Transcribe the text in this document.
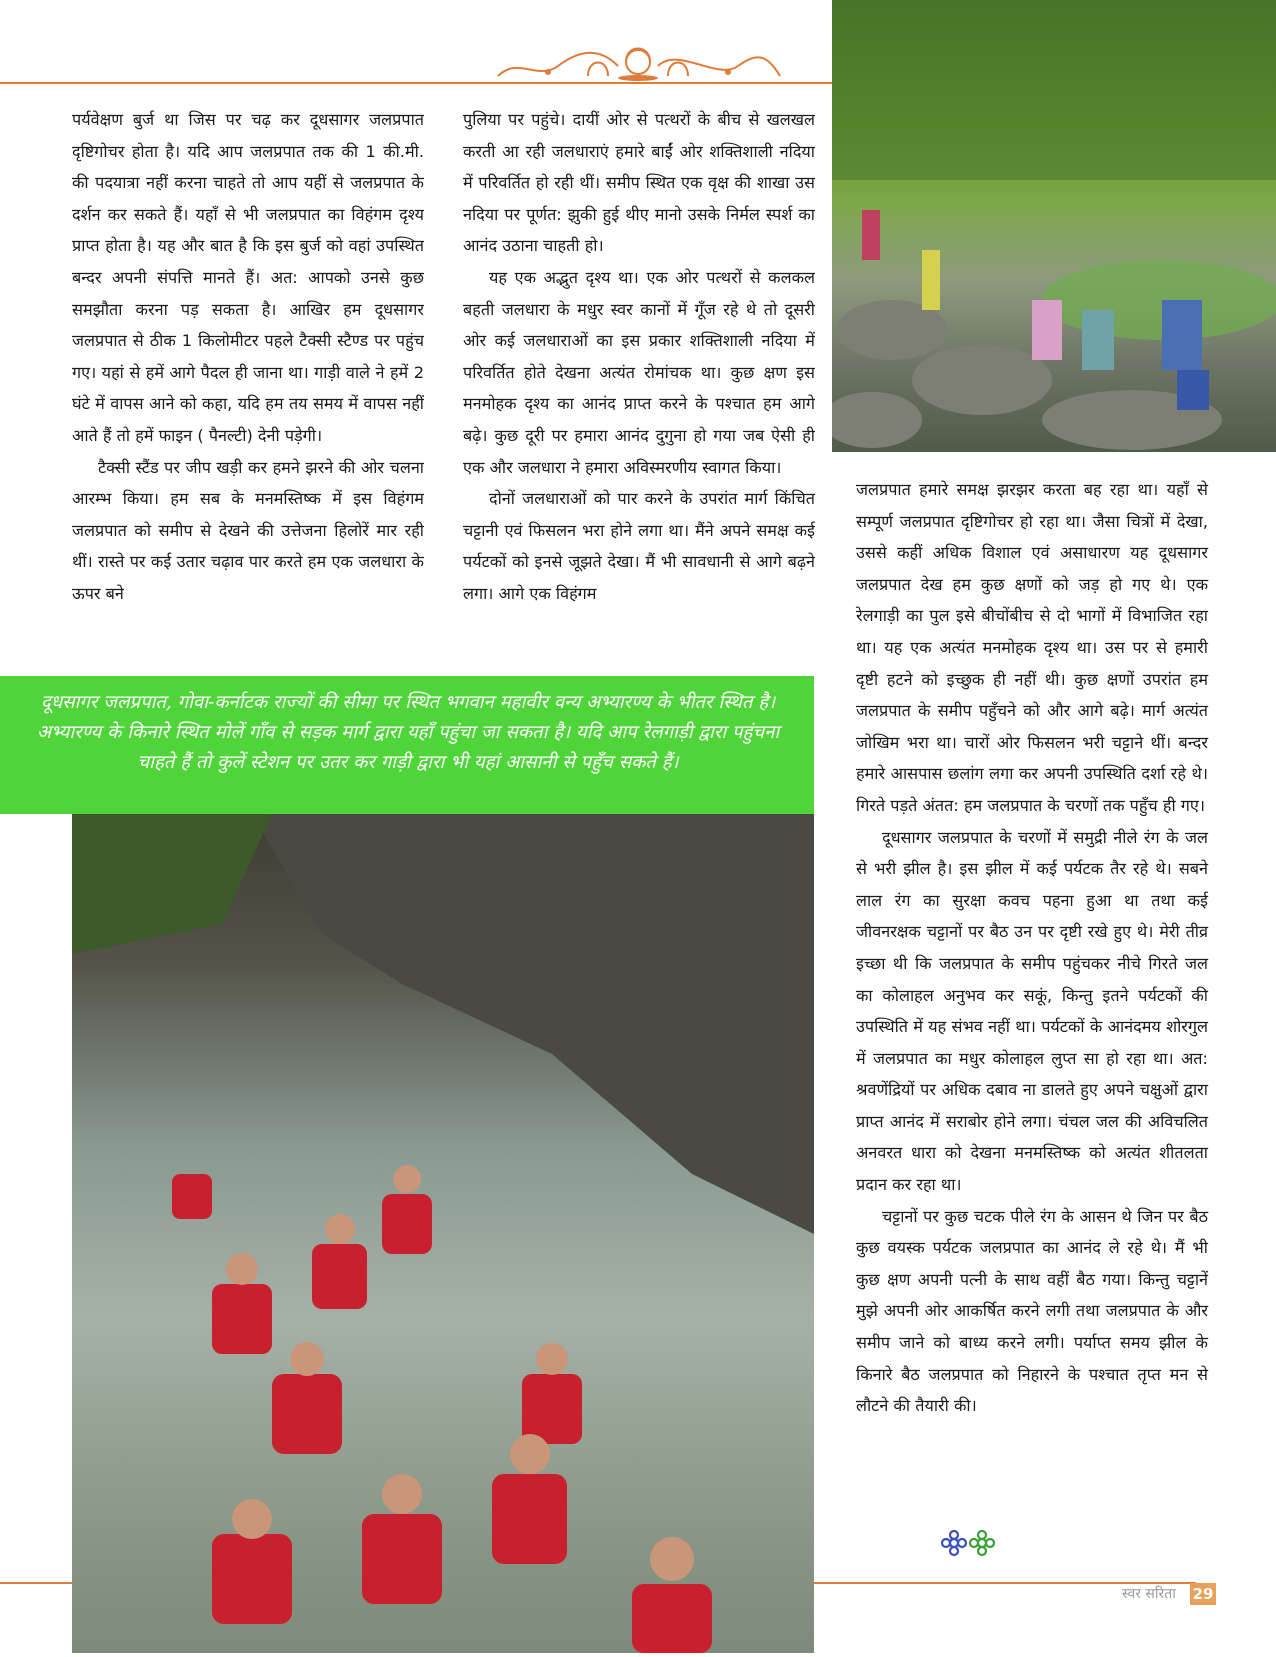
पर्यवेक्षण बुर्ज था जिस पर चढ़ कर दूधसागर जलप्रपात दृष्टिगोचर होता है। यदि आप जलप्रपात तक की 1 की.मी. की पदयात्रा नहीं करना चाहते तो आप यहीं से जलप्रपात के दर्शन कर सकते हैं। यहाँ से भी जलप्रपात का विहंगम दृश्य प्राप्त होता है। यह और बात है कि इस बुर्ज को वहां उपस्थित बन्दर अपनी संपत्ति मानते हैं। अत: आपको उनसे कुछ समझौता करना पड़ सकता है। आखिर हम दूधसागर जलप्रपात से ठीक 1 किलोमीटर पहले टैक्सी स्टैण्ड पर पहुंच गए। यहां से हमें आगे पैदल ही जाना था। गाड़ी वाले ने हमें 2 घंटे में वापस आने को कहा, यदि हम तय समय में वापस नहीं आते हैं तो हमें फाइन ( पैनल्टी) देनी पड़ेगी।

टैक्सी स्टैंड पर जीप खड़ी कर हमने झरने की ओर चलना आरम्भ किया। हम सब के मनमस्तिष्क में इस विहंगम जलप्रपात को समीप से देखने की उत्तेजना हिलोरें मार रही थीं। रास्ते पर कई उतार चढ़ाव पार करते हम एक जलधारा के ऊपर बने

पुलिया पर पहुंचे। दायीं ओर से पत्थरों के बीच से खलखल करती आ रही जलधाराएं हमारे बाईं ओर शक्तिशाली नदिया में परिवर्तित हो रही थीं। समीप स्थित एक वृक्ष की शाखा उस नदिया पर पूर्णत: झुकी हुई थीए मानो उसके निर्मल स्पर्श का आनंद उठाना चाहती हो।

यह एक अद्भुत दृश्य था। एक ओर पत्थरों से कलकल बहती जलधारा के मधुर स्वर कानों में गूँज रहे थे तो दूसरी ओर कई जलधाराओं का इस प्रकार शक्तिशाली नदिया में परिवर्तित होते देखना अत्यंत रोमांचक था। कुछ क्षण इस मनमोहक दृश्य का आनंद प्राप्त करने के पश्चात हम आगे बढ़े। कुछ दूरी पर हमारा आनंद दुगुना हो गया जब ऐसी ही एक और जलधारा ने हमारा अविस्मरणीय स्वागत किया।

दोनों जलधाराओं को पार करने के उपरांत मार्ग किंचित चट्टानी एवं फिसलन भरा होने लगा था। मैंने अपने समक्ष कई पर्यटकों को इनसे जूझते देखा। मैं भी सावधानी से आगे बढ़ने लगा। आगे एक विहंगम

दूधसागर जलप्रपात, गोवा-कर्नाटक राज्यों की सीमा पर स्थित भगवान महावीर वन्य अभ्यारण्य के भीतर स्थित है। अभ्यारण्य के किनारे स्थित मोलें गाँव से सड़क मार्ग द्वारा यहाँ पहुंचा जा सकता है। यदि आप रेलगाड़ी द्वारा पहुंचना चाहते हैं तो कुलें स्टेशन पर उतर कर गाड़ी द्वारा भी यहां आसानी से पहुँच सकते हैं।

जलप्रपात हमारे समक्ष झरझर करता बह रहा था। यहाँ से सम्पूर्ण जलप्रपात दृष्टिगोचर हो रहा था। जैसा चित्रों में देखा, उससे कहीं अधिक विशाल एवं असाधारण यह दूधसागर जलप्रपात देख हम कुछ क्षणों को जड़ हो गए थे। एक रेलगाड़ी का पुल इसे बीचोंबीच से दो भागों में विभाजित रहा था। यह एक अत्यंत मनमोहक दृश्य था। उस पर से हमारी दृष्टी हटने को इच्छुक ही नहीं थी। कुछ क्षणों उपरांत हम जलप्रपात के समीप पहुँचने को और आगे बढ़े। मार्ग अत्यंत जोखिम भरा था। चारों ओर फिसलन भरी चट्टाने थीं। बन्दर हमारे आसपास छलांग लगा कर अपनी उपस्थिति दर्शा रहे थे। गिरते पड़ते अंतत: हम जलप्रपात के चरणों तक पहुँच ही गए।

दूधसागर जलप्रपात के चरणों में समुद्री नीले रंग के जल से भरी झील है। इस झील में कई पर्यटक तैर रहे थे। सबने लाल रंग का सुरक्षा कवच पहना हुआ था तथा कई जीवनरक्षक चट्टानों पर बैठ उन पर दृष्टी रखे हुए थे। मेरी तीव्र इच्छा थी कि जलप्रपात के समीप पहुंचकर नीचे गिरते जल का कोलाहल अनुभव कर सकूं, किन्तु इतने पर्यटकों की उपस्थिति में यह संभव नहीं था। पर्यटकों के आनंदमय शोरगुल में जलप्रपात का मधुर कोलाहल लुप्त सा हो रहा था। अत: श्रवणेंद्रियों पर अधिक दबाव ना डालते हुए अपने चक्षुओं द्वारा प्राप्त आनंद में सराबोर होने लगा। चंचल जल की अविचलित अनवरत धारा को देखना मनमस्तिष्क को अत्यंत शीतलता प्रदान कर रहा था।

चट्टानों पर कुछ चटक पीले रंग के आसन थे जिन पर बैठ कुछ वयस्क पर्यटक जलप्रपात का आनंद ले रहे थे। मैं भी कुछ क्षण अपनी पत्नी के साथ वहीं बैठ गया। किन्तु चट्टानें मुझे अपनी ओर आकर्षित करने लगी तथा जलप्रपात के और समीप जाने को बाध्य करने लगी। पर्याप्त समय झील के किनारे बैठ जलप्रपात को निहारने के पश्चात तृप्त मन से लौटने की तैयारी की।

स्वर सरिता 29
